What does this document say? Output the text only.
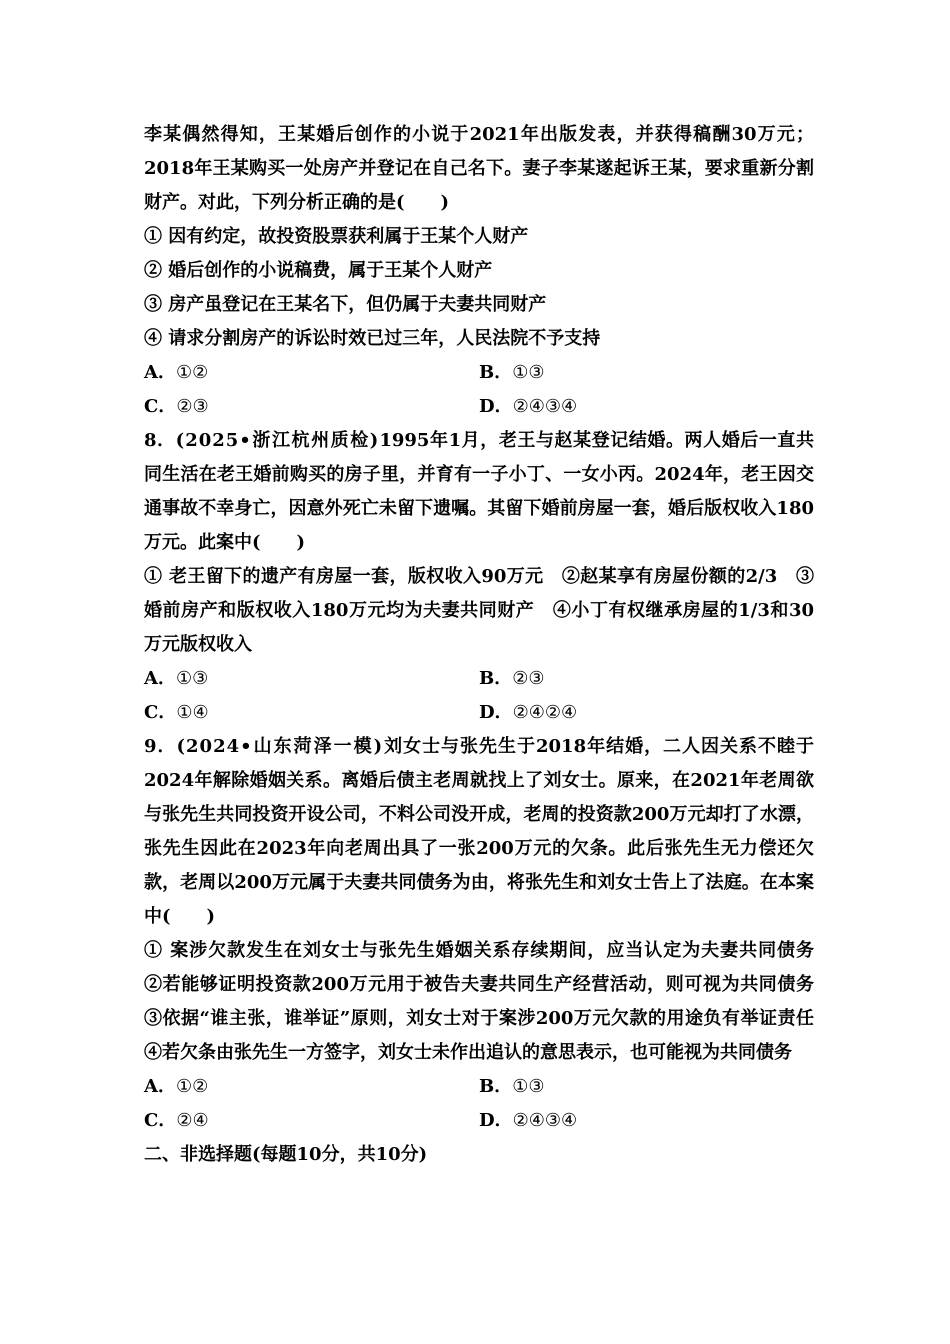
李某偶然得知，王某婚后创作的小说于2021年出版发表，并获得稿酬30万元；2018年王某购买一处房产并登记在自己名下。妻子李某遂起诉王某，要求重新分割财产。对此，下列分析正确的是(　　)
① 因有约定，故投资股票获利属于王某个人财产
② 婚后创作的小说稿费，属于王某个人财产
③ 房产虽登记在王某名下，但仍属于夫妻共同财产
④ 请求分割房产的诉讼时效已过三年，人民法院不予支持
A．①②	B．①③
C．②③	D．②④③④
8．(2025•浙江杭州质检)1995年1月，老王与赵某登记结婚。两人婚后一直共同生活在老王婚前购买的房子里，并育有一子小丁、一女小丙。2024年，老王因交通事故不幸身亡，因意外死亡未留下遗嘱。其留下婚前房屋一套，婚后版权收入180万元。此案中(　　)
① 老王留下的遗产有房屋一套，版权收入90万元　②赵某享有房屋份额的2/3　③婚前房产和版权收入180万元均为夫妻共同财产　④小丁有权继承房屋的1/3和30万元版权收入
A．①③	B．②③
C．①④	D．②④②④
9．(2024•山东菏泽一模)刘女士与张先生于2018年结婚，二人因关系不睦于2024年解除婚姻关系。离婚后债主老周就找上了刘女士。原来，在2021年老周欲与张先生共同投资开设公司，不料公司没开成，老周的投资款200万元却打了水漂，张先生因此在2023年向老周出具了一张200万元的欠条。此后张先生无力偿还欠款，老周以200万元属于夫妻共同债务为由，将张先生和刘女士告上了法庭。在本案中(　　)
① 案涉欠款发生在刘女士与张先生婚姻关系存续期间，应当认定为夫妻共同债务　②若能够证明投资款200万元用于被告夫妻共同生产经营活动，则可视为共同债务　③依据“谁主张，谁举证”原则，刘女士对于案涉200万元欠款的用途负有举证责任　④若欠条由张先生一方签字，刘女士未作出追认的意思表示，也可能视为共同债务
A．①②	B．①③
C．②④	D．②④③④
二、非选择题(每题10分，共10分)
